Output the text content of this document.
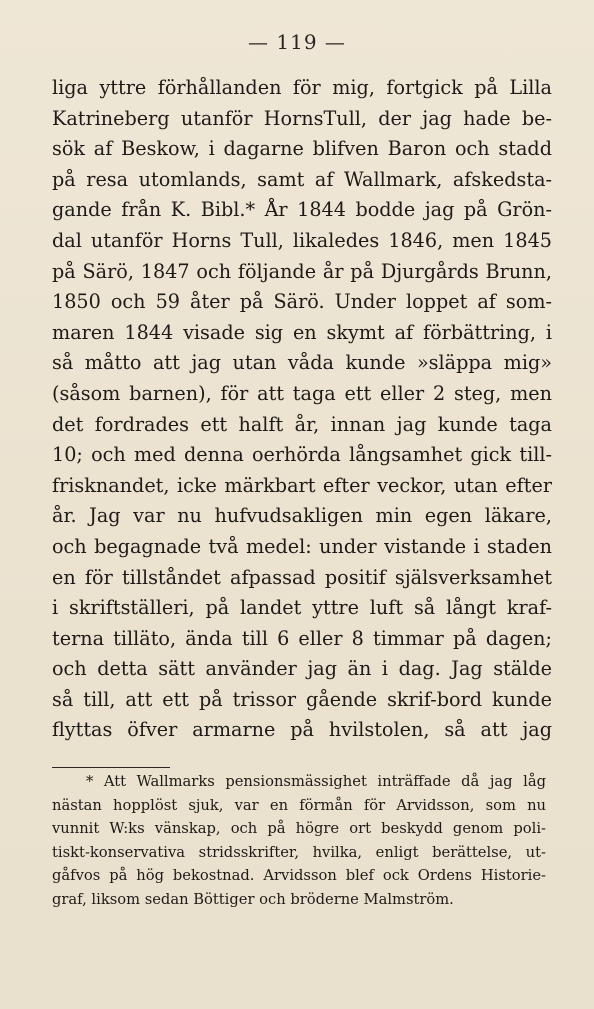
— 119 —
liga yttre förhållanden för mig, fortgick på Lilla
Katrineberg utanför HornsTull, der jag hade be-
sök af Beskow, i dagarne blifven Baron och stadd
på resa utomlands, samt af Wallmark, afskedsta-
gande från K. Bibl.* År 1844 bodde jag på Grön-
dal utanför Horns Tull, likaledes 1846, men 1845
på Särö, 1847 och följande år på Djurgårds Brunn,
1850 och 59 åter på Särö. Under loppet af som-
maren 1844 visade sig en skymt af förbättring, i
så måtto att jag utan våda kunde »släppa mig»
(såsom barnen), för att taga ett eller 2 steg, men
det fordrades ett halft år, innan jag kunde taga
10; och med denna oerhörda långsamhet gick till-
frisknandet, icke märkbart efter veckor, utan efter
år. Jag var nu hufvudsakligen min egen läkare,
och begagnade två medel: under vistande i staden
en för tillståndet afpassad positif själsverksamhet
i skriftställeri, på landet yttre luft så långt kraf-
terna tilläto, ända till 6 eller 8 timmar på dagen;
och detta sätt använder jag än i dag. Jag stälde
så till, att ett på trissor gående skrif-bord kunde
flyttas öfver armarne på hvilstolen, så att jag
* Att Wallmarks pensionsmässighet inträffade då jag låg
nästan hopplöst sjuk, var en förmån för Arvidsson, som nu
vunnit W:ks vänskap, och på högre ort beskydd genom poli-
tiskt-konservativa stridsskrifter, hvilka, enligt berättelse, ut-
gåfvos på hög bekostnad. Arvidsson blef ock Ordens Historie-
graf, liksom sedan Böttiger och bröderne Malmström.
